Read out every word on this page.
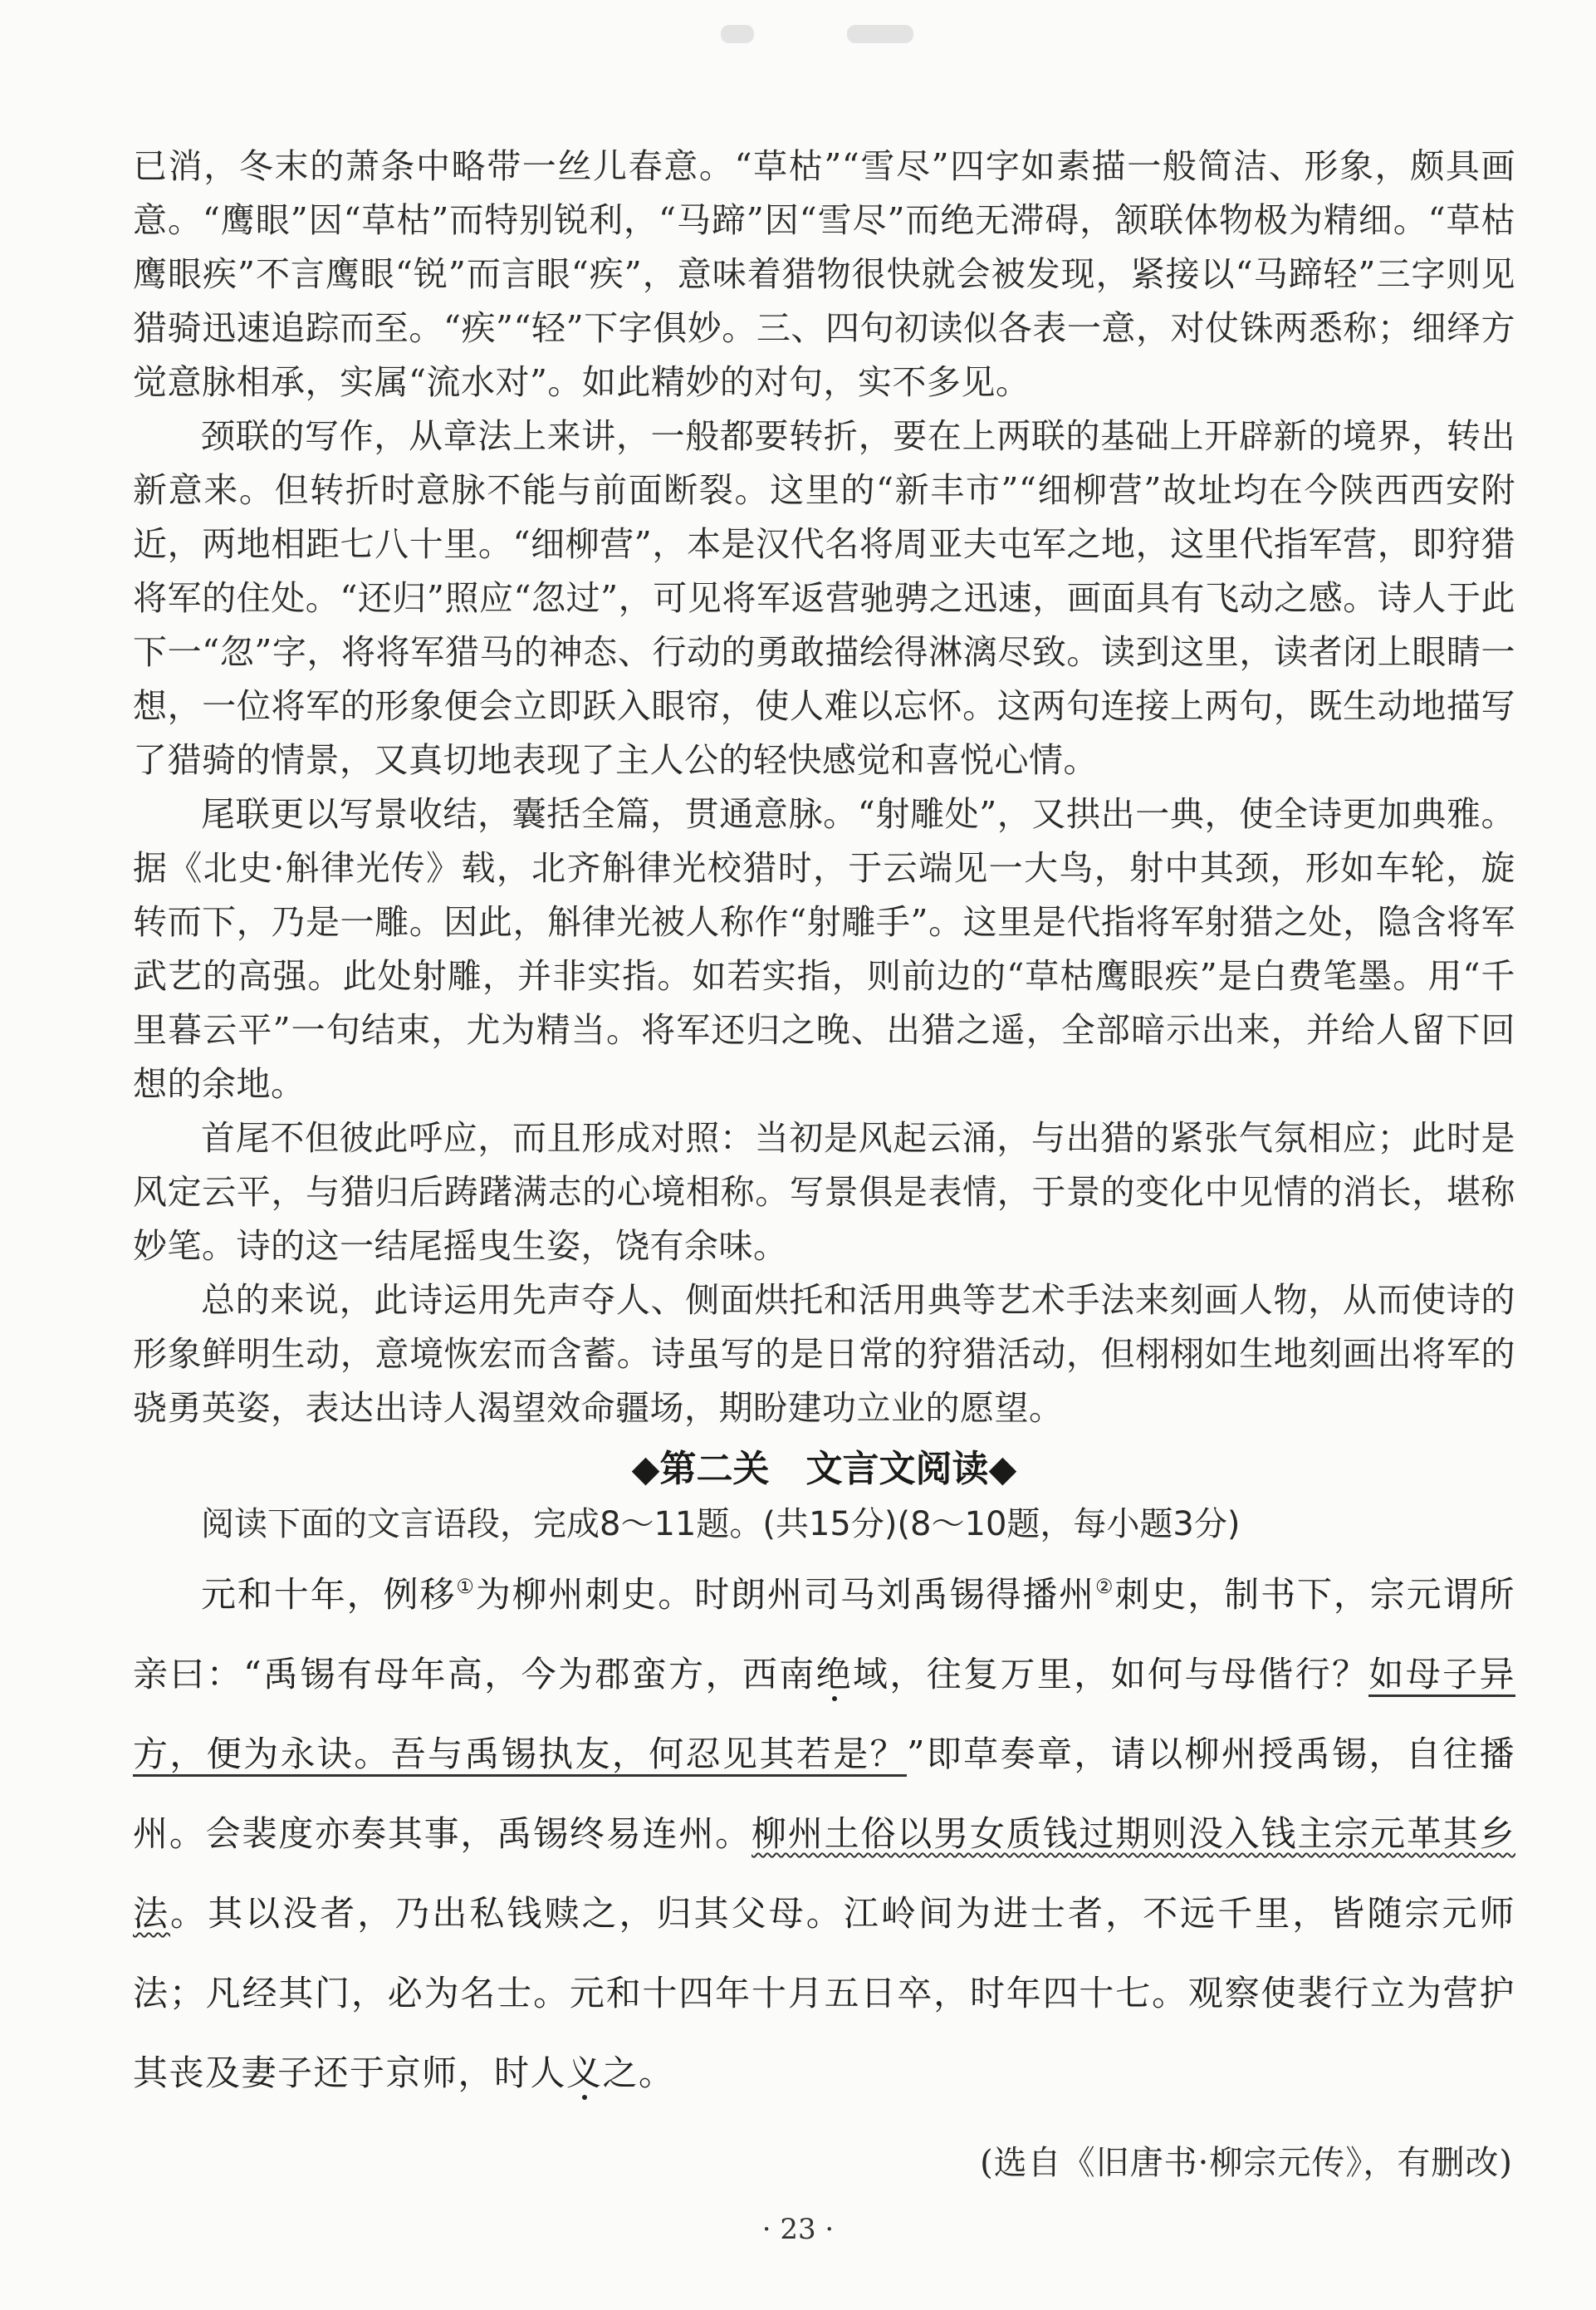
已消，冬末的萧条中略带一丝儿春意。“草枯”“雪尽”四字如素描一般简洁、形象，颇具画意。“鹰眼”因“草枯”而特别锐利，“马蹄”因“雪尽”而绝无滞碍，颔联体物极为精细。“草枯鹰眼疾”不言鹰眼“锐”而言眼“疾”，意味着猎物很快就会被发现，紧接以“马蹄轻”三字则见猎骑迅速追踪而至。“疾”“轻”下字俱妙。三、四句初读似各表一意，对仗铢两悉称；细绎方觉意脉相承，实属“流水对”。如此精妙的对句，实不多见。

颈联的写作，从章法上来讲，一般都要转折，要在上两联的基础上开辟新的境界，转出新意来。但转折时意脉不能与前面断裂。这里的“新丰市”“细柳营”故址均在今陕西西安附近，两地相距七八十里。“细柳营”，本是汉代名将周亚夫屯军之地，这里代指军营，即狩猎将军的住处。“还归”照应“忽过”，可见将军返营驰骋之迅速，画面具有飞动之感。诗人于此下一“忽”字，将将军猎马的神态、行动的勇敢描绘得淋漓尽致。读到这里，读者闭上眼睛一想，一位将军的形象便会立即跃入眼帘，使人难以忘怀。这两句连接上两句，既生动地描写了猎骑的情景，又真切地表现了主人公的轻快感觉和喜悦心情。

尾联更以写景收结，囊括全篇，贯通意脉。“射雕处”，又拱出一典，使全诗更加典雅。据《北史·斛律光传》载，北齐斛律光校猎时，于云端见一大鸟，射中其颈，形如车轮，旋转而下，乃是一雕。因此，斛律光被人称作“射雕手”。这里是代指将军射猎之处，隐含将军武艺的高强。此处射雕，并非实指。如若实指，则前边的“草枯鹰眼疾”是白费笔墨。用“千里暮云平”一句结束，尤为精当。将军还归之晚、出猎之遥，全部暗示出来，并给人留下回想的余地。

首尾不但彼此呼应，而且形成对照：当初是风起云涌，与出猎的紧张气氛相应；此时是风定云平，与猎归后踌躇满志的心境相称。写景俱是表情，于景的变化中见情的消长，堪称妙笔。诗的这一结尾摇曳生姿，饶有余味。

总的来说，此诗运用先声夺人、侧面烘托和活用典等艺术手法来刻画人物，从而使诗的形象鲜明生动，意境恢宏而含蓄。诗虽写的是日常的狩猎活动，但栩栩如生地刻画出将军的骁勇英姿，表达出诗人渴望效命疆场，期盼建功立业的愿望。

◆第二关　文言文阅读◆

阅读下面的文言语段，完成8～11题。(共15分)(8～10题，每小题3分)

元和十年，例移①为柳州刺史。时朗州司马刘禹锡得播州②刺史，制书下，宗元谓所亲曰：“禹锡有母年高，今为郡蛮方，西南绝域，往复万里，如何与母偕行？如母子异方，便为永诀。吾与禹锡执友，何忍见其若是？”即草奏章，请以柳州授禹锡，自往播州。会裴度亦奏其事，禹锡终易连州。柳州土俗以男女质钱过期则没入钱主宗元革其乡法。其以没者，乃出私钱赎之，归其父母。江岭间为进士者，不远千里，皆随宗元师法；凡经其门，必为名士。元和十四年十月五日卒，时年四十七。观察使裴行立为营护其丧及妻子还于京师，时人义之。

(选自《旧唐书·柳宗元传》，有删改)
· 23 ·
